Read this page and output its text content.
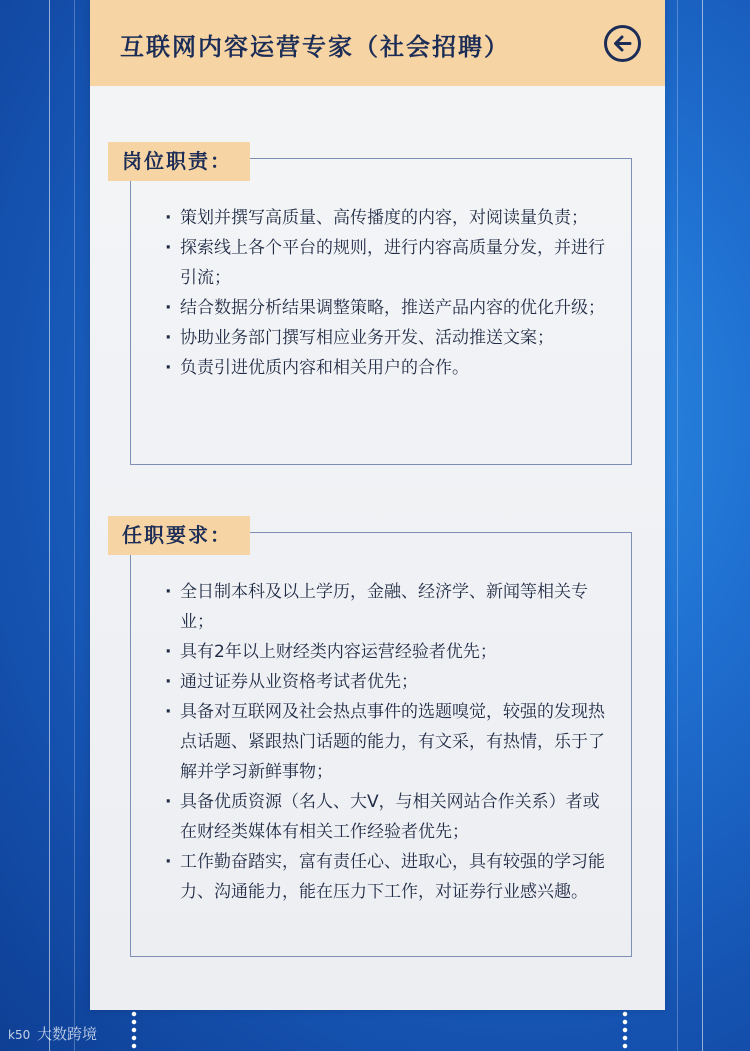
互联网内容运营专家（社会招聘）
岗位职责：
· 策划并撰写高质量、高传播度的内容，对阅读量负责；
· 探索线上各个平台的规则，进行内容高质量分发，并进行引流；
· 结合数据分析结果调整策略，推送产品内容的优化升级；
· 协助业务部门撰写相应业务开发、活动推送文案；
· 负责引进优质内容和相关用户的合作。
任职要求：
· 全日制本科及以上学历，金融、经济学、新闻等相关专业；
· 具有2年以上财经类内容运营经验者优先；
· 通过证券从业资格考试者优先；
· 具备对互联网及社会热点事件的选题嗅觉，较强的发现热点话题、紧跟热门话题的能力，有文采，有热情，乐于了解并学习新鲜事物；
· 具备优质资源（名人、大V，与相关网站合作关系）者或在财经类媒体有相关工作经验者优先；
· 工作勤奋踏实，富有责任心、进取心，具有较强的学习能力、沟通能力，能在压力下工作，对证券行业感兴趣。
k50 大数跨境
